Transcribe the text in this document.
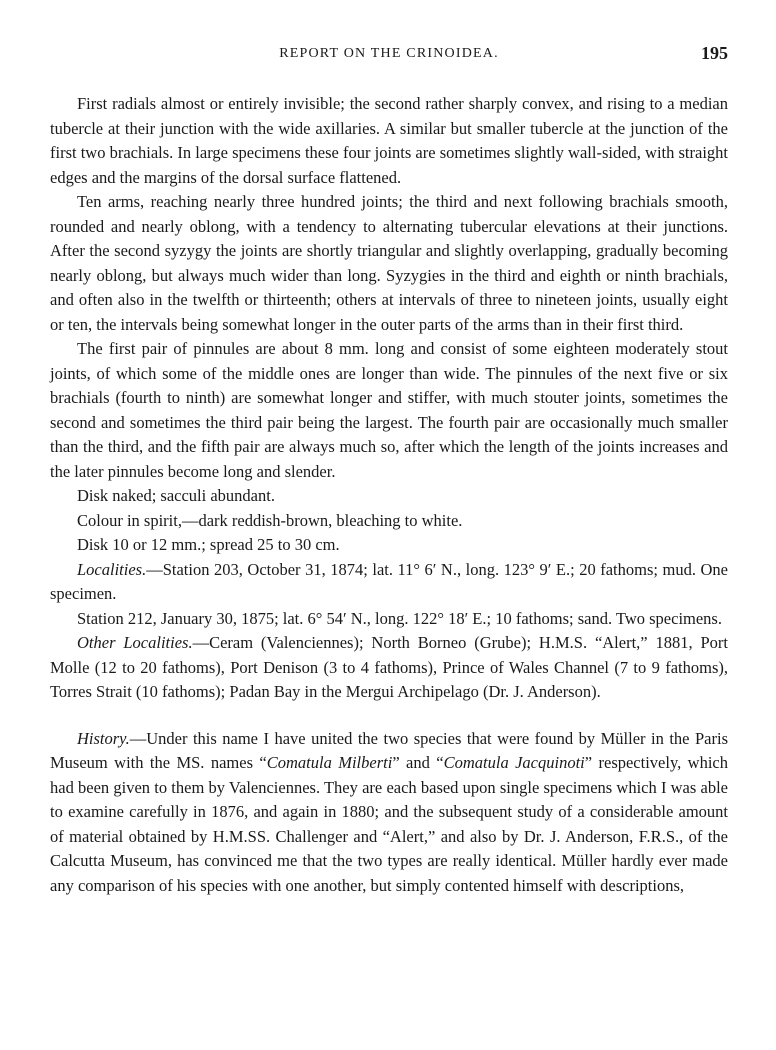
REPORT ON THE CRINOIDEA.	195

First radials almost or entirely invisible; the second rather sharply convex, and rising to a median tubercle at their junction with the wide axillaries. A similar but smaller tubercle at the junction of the first two brachials. In large specimens these four joints are sometimes slightly wall-sided, with straight edges and the margins of the dorsal surface flattened.

Ten arms, reaching nearly three hundred joints; the third and next following brachials smooth, rounded and nearly oblong, with a tendency to alternating tubercular elevations at their junctions. After the second syzygy the joints are shortly triangular and slightly overlapping, gradually becoming nearly oblong, but always much wider than long. Syzygies in the third and eighth or ninth brachials, and often also in the twelfth or thirteenth; others at intervals of three to nineteen joints, usually eight or ten, the intervals being somewhat longer in the outer parts of the arms than in their first third.

The first pair of pinnules are about 8 mm. long and consist of some eighteen moderately stout joints, of which some of the middle ones are longer than wide. The pinnules of the next five or six brachials (fourth to ninth) are somewhat longer and stiffer, with much stouter joints, sometimes the second and sometimes the third pair being the largest. The fourth pair are occasionally much smaller than the third, and the fifth pair are always much so, after which the length of the joints increases and the later pinnules become long and slender.

Disk naked; sacculi abundant.

Colour in spirit,—dark reddish-brown, bleaching to white.

Disk 10 or 12 mm.; spread 25 to 30 cm.

Localities.—Station 203, October 31, 1874; lat. 11° 6′ N., long. 123° 9′ E.; 20 fathoms; mud. One specimen.

Station 212, January 30, 1875; lat. 6° 54′ N., long. 122° 18′ E.; 10 fathoms; sand. Two specimens.

Other Localities.—Ceram (Valenciennes); North Borneo (Grube); H.M.S. “Alert,” 1881, Port Molle (12 to 20 fathoms), Port Denison (3 to 4 fathoms), Prince of Wales Channel (7 to 9 fathoms), Torres Strait (10 fathoms); Padan Bay in the Mergui Archipelago (Dr. J. Anderson).

History.—Under this name I have united the two species that were found by Müller in the Paris Museum with the MS. names “Comatula Milberti” and “Comatula Jacquinoti” respectively, which had been given to them by Valenciennes. They are each based upon single specimens which I was able to examine carefully in 1876, and again in 1880; and the subsequent study of a considerable amount of material obtained by H.M.SS. Challenger and “Alert,” and also by Dr. J. Anderson, F.R.S., of the Calcutta Museum, has convinced me that the two types are really identical. Müller hardly ever made any comparison of his species with one another, but simply contented himself with descriptions,
